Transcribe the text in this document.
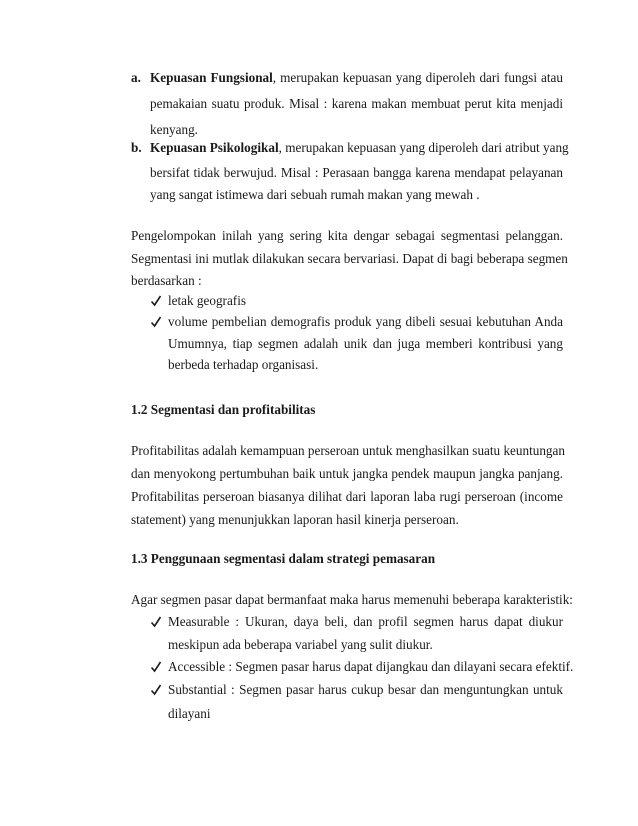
a. Kepuasan Fungsional, merupakan kepuasan yang diperoleh dari fungsi atau
pemakaian suatu produk. Misal : karena makan membuat perut kita menjadi
kenyang.
b. Kepuasan Psikologikal, merupakan kepuasan yang diperoleh dari atribut yang
bersifat tidak berwujud. Misal : Perasaan bangga karena mendapat pelayanan
yang sangat istimewa dari sebuah rumah makan yang mewah .
Pengelompokan inilah yang sering kita dengar sebagai segmentasi pelanggan.
Segmentasi ini mutlak dilakukan secara bervariasi. Dapat di bagi beberapa segmen
berdasarkan :
letak geografis
volume pembelian demografis produk yang dibeli sesuai kebutuhan Anda
Umumnya, tiap segmen adalah unik dan juga memberi kontribusi yang
berbeda terhadap organisasi.
1.2 Segmentasi dan profitabilitas
Profitabilitas adalah kemampuan perseroan untuk menghasilkan suatu keuntungan
dan menyokong pertumbuhan baik untuk jangka pendek maupun jangka panjang.
Profitabilitas perseroan biasanya dilihat dari laporan laba rugi perseroan (income
statement) yang menunjukkan laporan hasil kinerja perseroan.
1.3 Penggunaan segmentasi dalam strategi pemasaran
Agar segmen pasar dapat bermanfaat maka harus memenuhi beberapa karakteristik:
Measurable : Ukuran, daya beli, dan profil segmen harus dapat diukur
meskipun ada beberapa variabel yang sulit diukur.
Accessible : Segmen pasar harus dapat dijangkau dan dilayani secara efektif.
Substantial : Segmen pasar harus cukup besar dan menguntungkan untuk
dilayani
